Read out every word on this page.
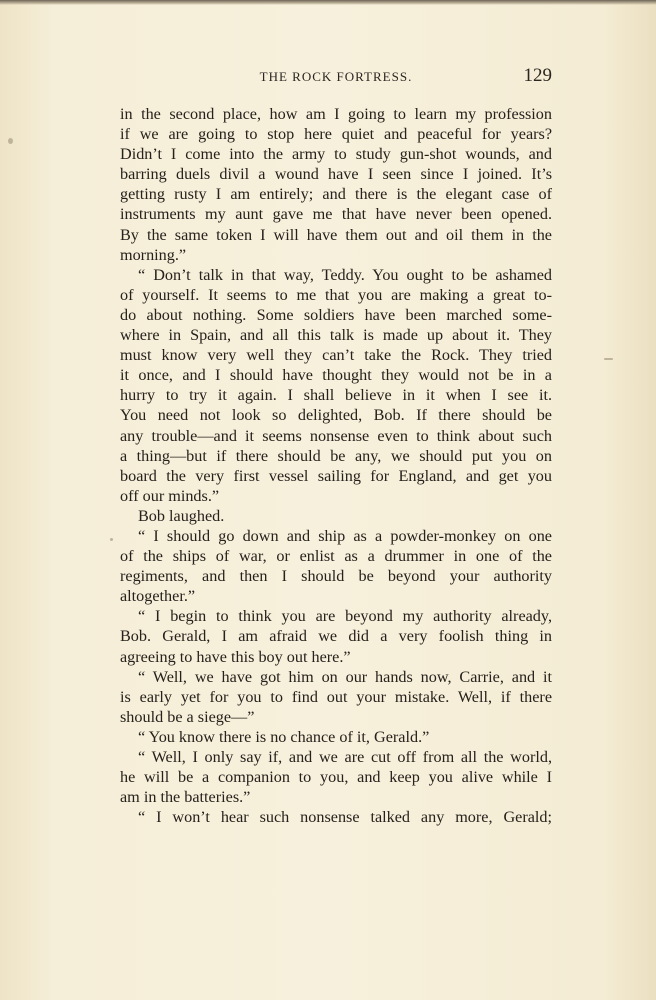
THE ROCK FORTRESS.	129
in the second place, how am I going to learn my profession
if we are going to stop here quiet and peaceful for years?
Didn’t I come into the army to study gun-shot wounds, and
barring duels divil a wound have I seen since I joined. It’s
getting rusty I am entirely; and there is the elegant case of
instruments my aunt gave me that have never been opened.
By the same token I will have them out and oil them in the
morning.”
“ Don’t talk in that way, Teddy. You ought to be ashamed
of yourself. It seems to me that you are making a great to-
do about nothing. Some soldiers have been marched some-
where in Spain, and all this talk is made up about it. They
must know very well they can’t take the Rock. They tried
it once, and I should have thought they would not be in a
hurry to try it again. I shall believe in it when I see it.
You need not look so delighted, Bob. If there should be
any trouble—and it seems nonsense even to think about such
a thing—but if there should be any, we should put you on
board the very first vessel sailing for England, and get you
off our minds.”
Bob laughed.
“ I should go down and ship as a powder-monkey on one
of the ships of war, or enlist as a drummer in one of the
regiments, and then I should be beyond your authority
altogether.”
“ I begin to think you are beyond my authority already,
Bob. Gerald, I am afraid we did a very foolish thing in
agreeing to have this boy out here.”
“ Well, we have got him on our hands now, Carrie, and it
is early yet for you to find out your mistake. Well, if there
should be a siege—”
“ You know there is no chance of it, Gerald.”
“ Well, I only say if, and we are cut off from all the world,
he will be a companion to you, and keep you alive while I
am in the batteries.”
“ I won’t hear such nonsense talked any more, Gerald;
